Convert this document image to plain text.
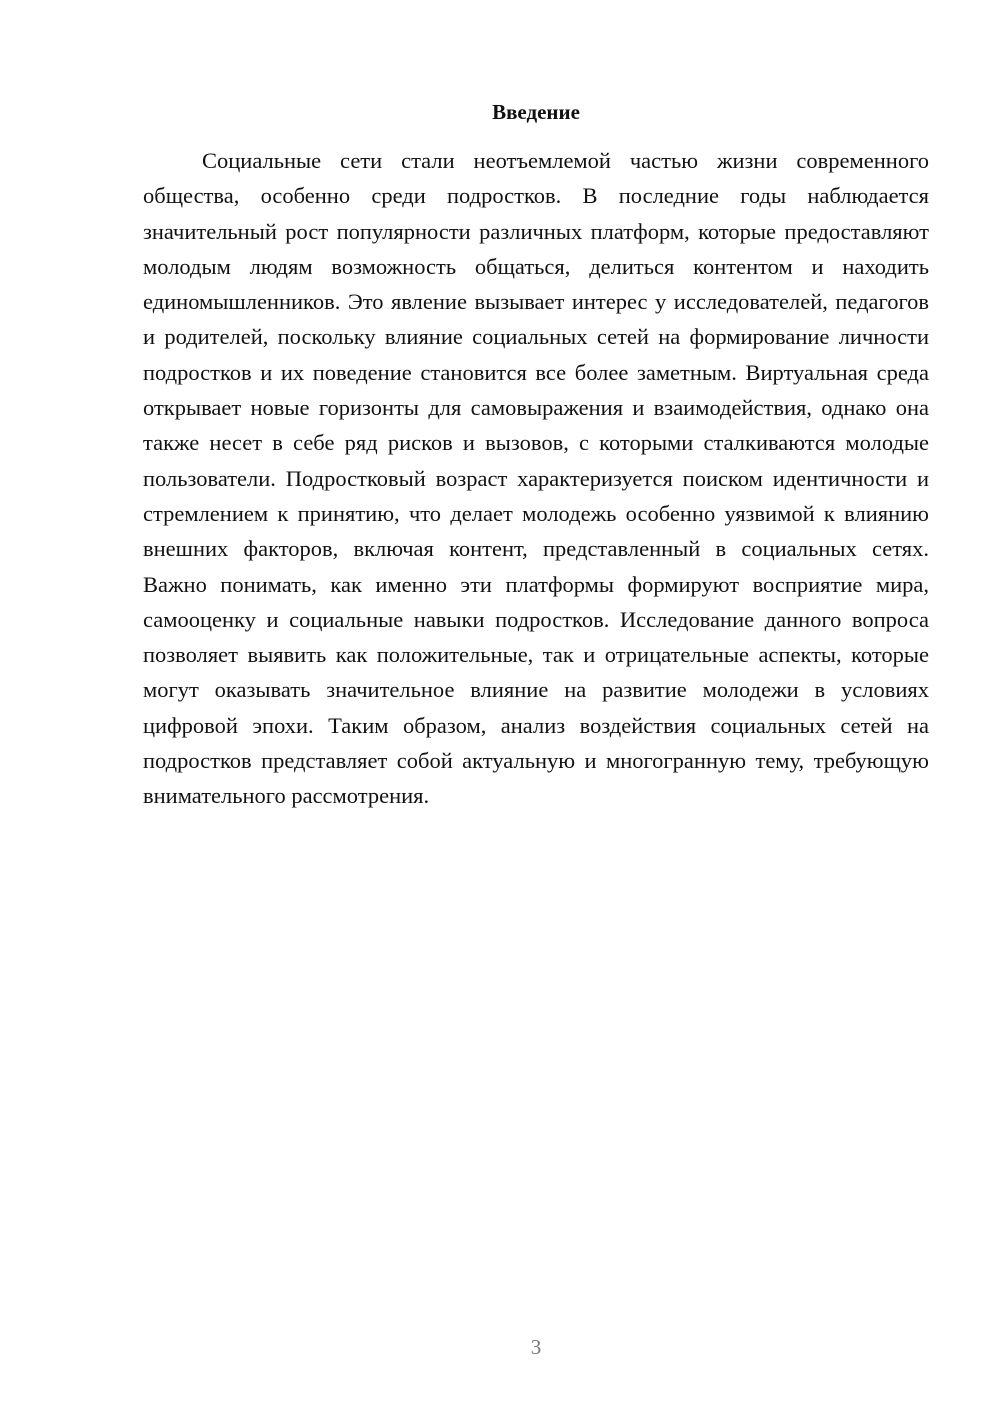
Введение

Социальные сети стали неотъемлемой частью жизни современного общества, особенно среди подростков. В последние годы наблюдается значительный рост популярности различных платформ, которые предоставляют молодым людям возможность общаться, делиться контентом и находить единомышленников. Это явление вызывает интерес у исследователей, педагогов и родителей, поскольку влияние социальных сетей на формирование личности подростков и их поведение становится все более заметным. Виртуальная среда открывает новые горизонты для самовыражения и взаимодействия, однако она также несет в себе ряд рисков и вызовов, с которыми сталкиваются молодые пользователи. Подростковый возраст характеризуется поиском идентичности и стремлением к принятию, что делает молодежь особенно уязвимой к влиянию внешних факторов, включая контент, представленный в социальных сетях. Важно понимать, как именно эти платформы формируют восприятие мира, самооценку и социальные навыки подростков. Исследование данного вопроса позволяет выявить как положительные, так и отрицательные аспекты, которые могут оказывать значительное влияние на развитие молодежи в условиях цифровой эпохи. Таким образом, анализ воздействия социальных сетей на подростков представляет собой актуальную и многогранную тему, требующую внимательного рассмотрения.

3
